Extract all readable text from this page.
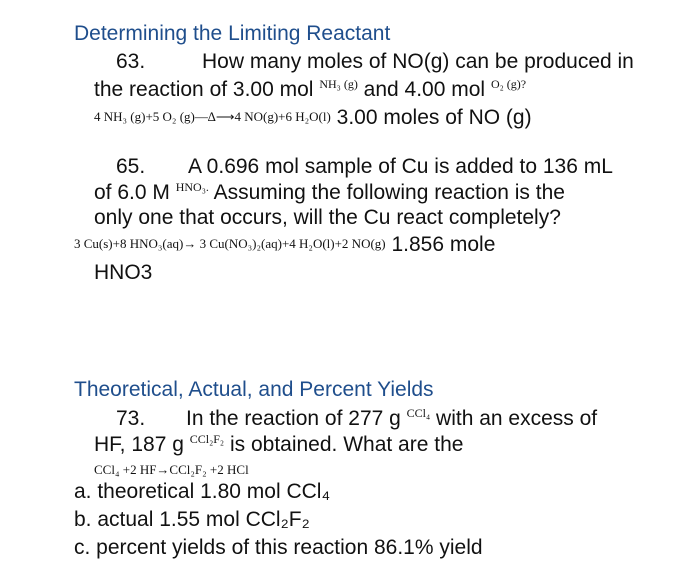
Determining the Limiting Reactant
63.	How many moles of NO(g) can be produced in
the reaction of 3.00 mol $^{NH_3 (g)}$ and 4.00 mol $^{O_2 (g)?}$
4 NH₃ (g)+5 O₂ (g)—∆⟶4 NO(g)+6 H₂O(l) 3.00 moles of NO (g)
65. A 0.696 mol sample of Cu is added to 136 mL
of 6.0 M $^{HNO_3.}$ Assuming the following reaction is the
only one that occurs, will the Cu react completely?
3 Cu(s)+8 HNO₃(aq)→ 3 Cu(NO₃)₂(aq)+4 H₂O(l)+2 NO(g) 1.856 mole
HNO3
Theoretical, Actual, and Percent Yields
73. In the reaction of 277 g $^{CCl_4}$ with an excess of
HF, 187 g $^{CCl_2F_2}$ is obtained. What are the
CCl₄ +2 HF→CCl₂F₂ +2 HCl
a. theoretical 1.80 mol CCl₄
b. actual 1.55 mol CCl₂F₂
c. percent yields of this reaction 86.1% yield
